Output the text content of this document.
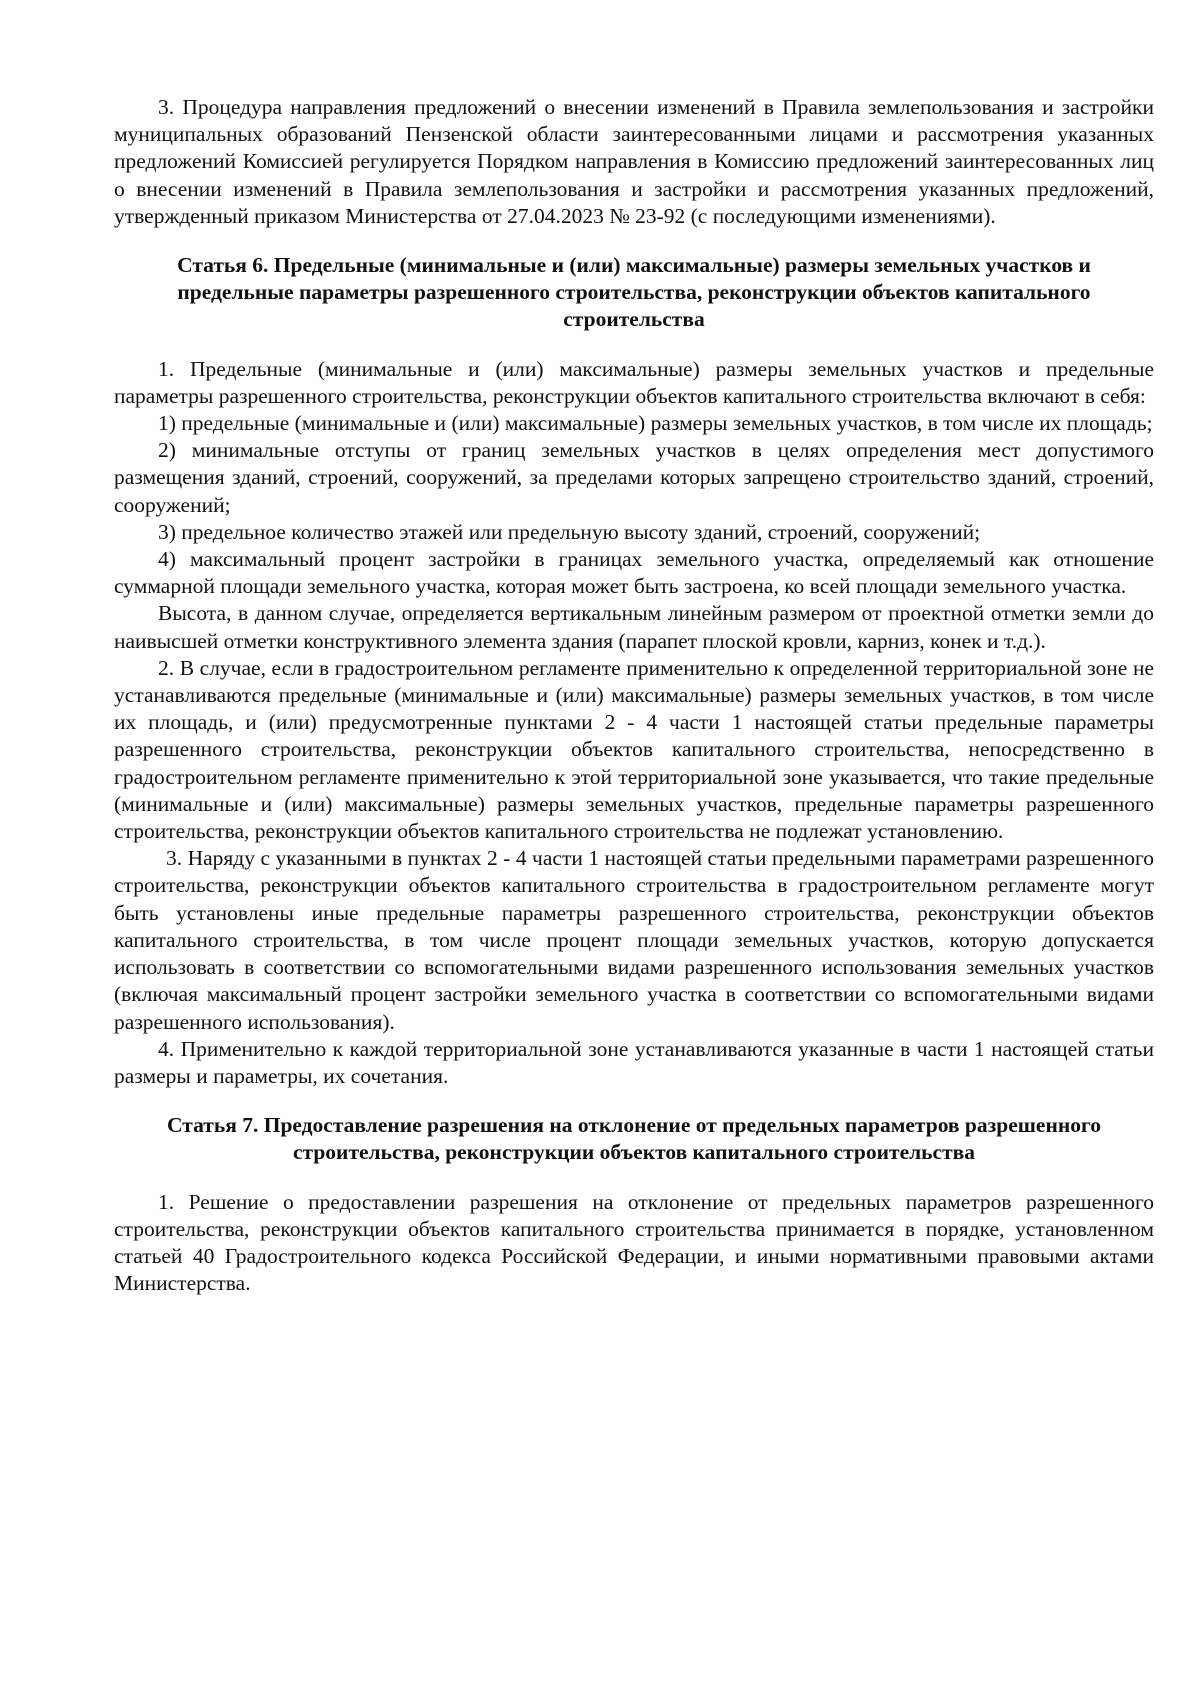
3. Процедура направления предложений о внесении изменений в Правила землепользования и застройки муниципальных образований Пензенской области заинтересованными лицами и рассмотрения указанных предложений Комиссией регулируется Порядком направления в Комиссию предложений заинтересованных лиц о внесении изменений в Правила землепользования и застройки и рассмотрения указанных предложений, утвержденный приказом Министерства от 27.04.2023 № 23-92 (с последующими изменениями).

Статья 6. Предельные (минимальные и (или) максимальные) размеры земельных участков и предельные параметры разрешенного строительства, реконструкции объектов капитального строительства

1. Предельные (минимальные и (или) максимальные) размеры земельных участков и предельные параметры разрешенного строительства, реконструкции объектов капитального строительства включают в себя:

1) предельные (минимальные и (или) максимальные) размеры земельных участков, в том числе их площадь;

2) минимальные отступы от границ земельных участков в целях определения мест допустимого размещения зданий, строений, сооружений, за пределами которых запрещено строительство зданий, строений, сооружений;

3) предельное количество этажей или предельную высоту зданий, строений, сооружений;

4) максимальный процент застройки в границах земельного участка, определяемый как отношение суммарной площади земельного участка, которая может быть застроена, ко всей площади земельного участка.

Высота, в данном случае, определяется вертикальным линейным размером от проектной отметки земли до наивысшей отметки конструктивного элемента здания (парапет плоской кровли, карниз, конек и т.д.).

2. В случае, если в градостроительном регламенте применительно к определенной территориальной зоне не устанавливаются предельные (минимальные и (или) максимальные) размеры земельных участков, в том числе их площадь, и (или) предусмотренные пунктами 2 - 4 части 1 настоящей статьи предельные параметры разрешенного строительства, реконструкции объектов капитального строительства, непосредственно в градостроительном регламенте применительно к этой территориальной зоне указывается, что такие предельные (минимальные и (или) максимальные) размеры земельных участков, предельные параметры разрешенного строительства, реконструкции объектов капитального строительства не подлежат установлению.

3. Наряду с указанными в пунктах 2 - 4 части 1 настоящей статьи предельными параметрами разрешенного строительства, реконструкции объектов капитального строительства в градостроительном регламенте могут быть установлены иные предельные параметры разрешенного строительства, реконструкции объектов капитального строительства, в том числе процент площади земельных участков, которую допускается использовать в соответствии со вспомогательными видами разрешенного использования земельных участков (включая максимальный процент застройки земельного участка в соответствии со вспомогательными видами разрешенного использования).

4. Применительно к каждой территориальной зоне устанавливаются указанные в части 1 настоящей статьи размеры и параметры, их сочетания.

Статья 7. Предоставление разрешения на отклонение от предельных параметров разрешенного строительства, реконструкции объектов капитального строительства

1. Решение о предоставлении разрешения на отклонение от предельных параметров разрешенного строительства, реконструкции объектов капитального строительства принимается в порядке, установленном статьей 40 Градостроительного кодекса Российской Федерации, и иными нормативными правовыми актами Министерства.
